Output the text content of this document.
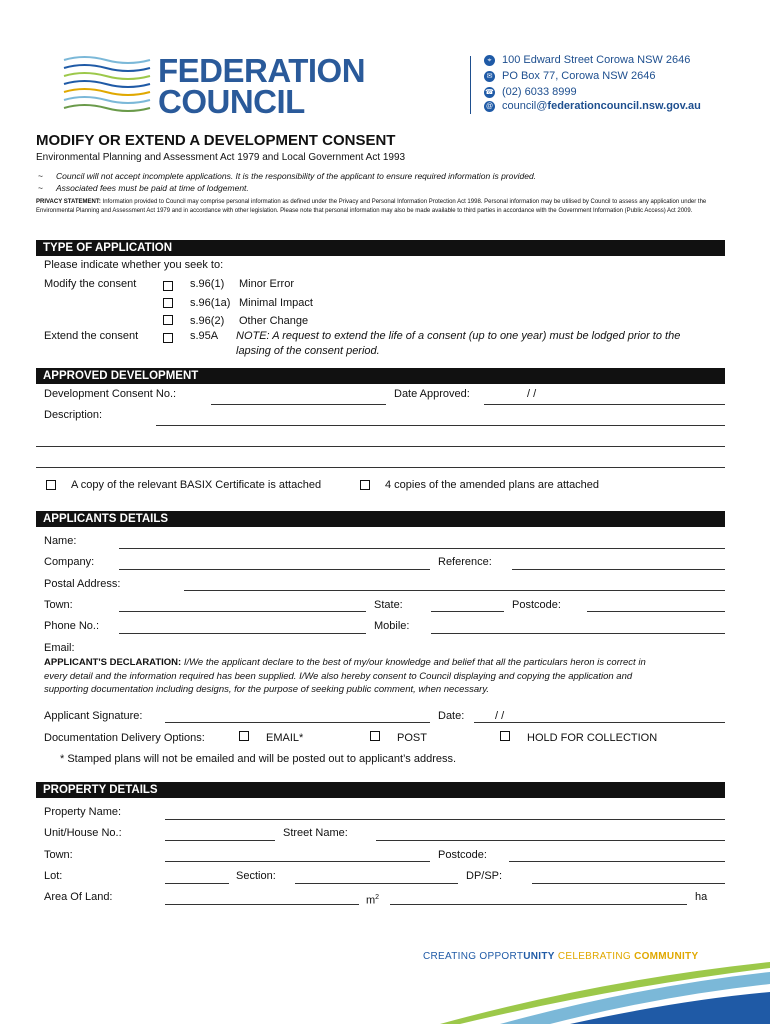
FEDERATION
COUNCIL
⌖ 100 Edward Street Corowa NSW 2646
✉ PO Box 77, Corowa NSW 2646
☎ (02) 6033 8999
@ council@federationcouncil.nsw.gov.au
MODIFY OR EXTEND A DEVELOPMENT CONSENT
Environmental Planning and Assessment Act 1979 and Local Government Act 1993
~ Council will not accept incomplete applications. It is the responsibility of the applicant to ensure required information is provided.
~ Associated fees must be paid at time of lodgement.
PRIVACY STATEMENT: Information provided to Council may comprise personal information as defined under the Privacy and Personal Information Protection Act 1998. Personal information may be utilised by Council to assess any application under the Environmental Planning and Assessment Act 1979 and in accordance with other legislation. Please note that personal information may also be made available to third parties in accordance with the Government Information (Public Access) Act 2009.
TYPE OF APPLICATION
Please indicate whether you seek to:
Modify the consent	s.96(1) Minor Error
s.96(1a) Minimal Impact
s.96(2) Other Change
Extend the consent	s.95A NOTE: A request to extend the life of a consent (up to one year) must be lodged prior to the
lapsing of the consent period.
APPROVED DEVELOPMENT
Development Consent No.:	Date Approved:	/ /
Description:
A copy of the relevant BASIX Certificate is attached	4 copies of the amended plans are attached
APPLICANTS DETAILS
Name:
Company:	Reference:
Postal Address:
Town:	State:	Postcode:
Phone No.:	Mobile:
Email:
APPLICANT'S DECLARATION: I/We the applicant declare to the best of my/our knowledge and belief that all the particulars heron is correct in
every detail and the information required has been supplied. I/We also hereby consent to Council displaying and copying the application and
supporting documentation including designs, for the purpose of seeking public comment, when necessary.
Applicant Signature:	Date:	/ /
Documentation Delivery Options:	EMAIL*	POST	HOLD FOR COLLECTION
* Stamped plans will not be emailed and will be posted out to applicant’s address.
PROPERTY DETAILS
Property Name:
Unit/House No.:	Street Name:
Town:	Postcode:
Lot:	Section:	DP/SP:
Area Of Land:	$m^2$	ha
CREATING OPPORTUNITY CELEBRATING COMMUNITY
